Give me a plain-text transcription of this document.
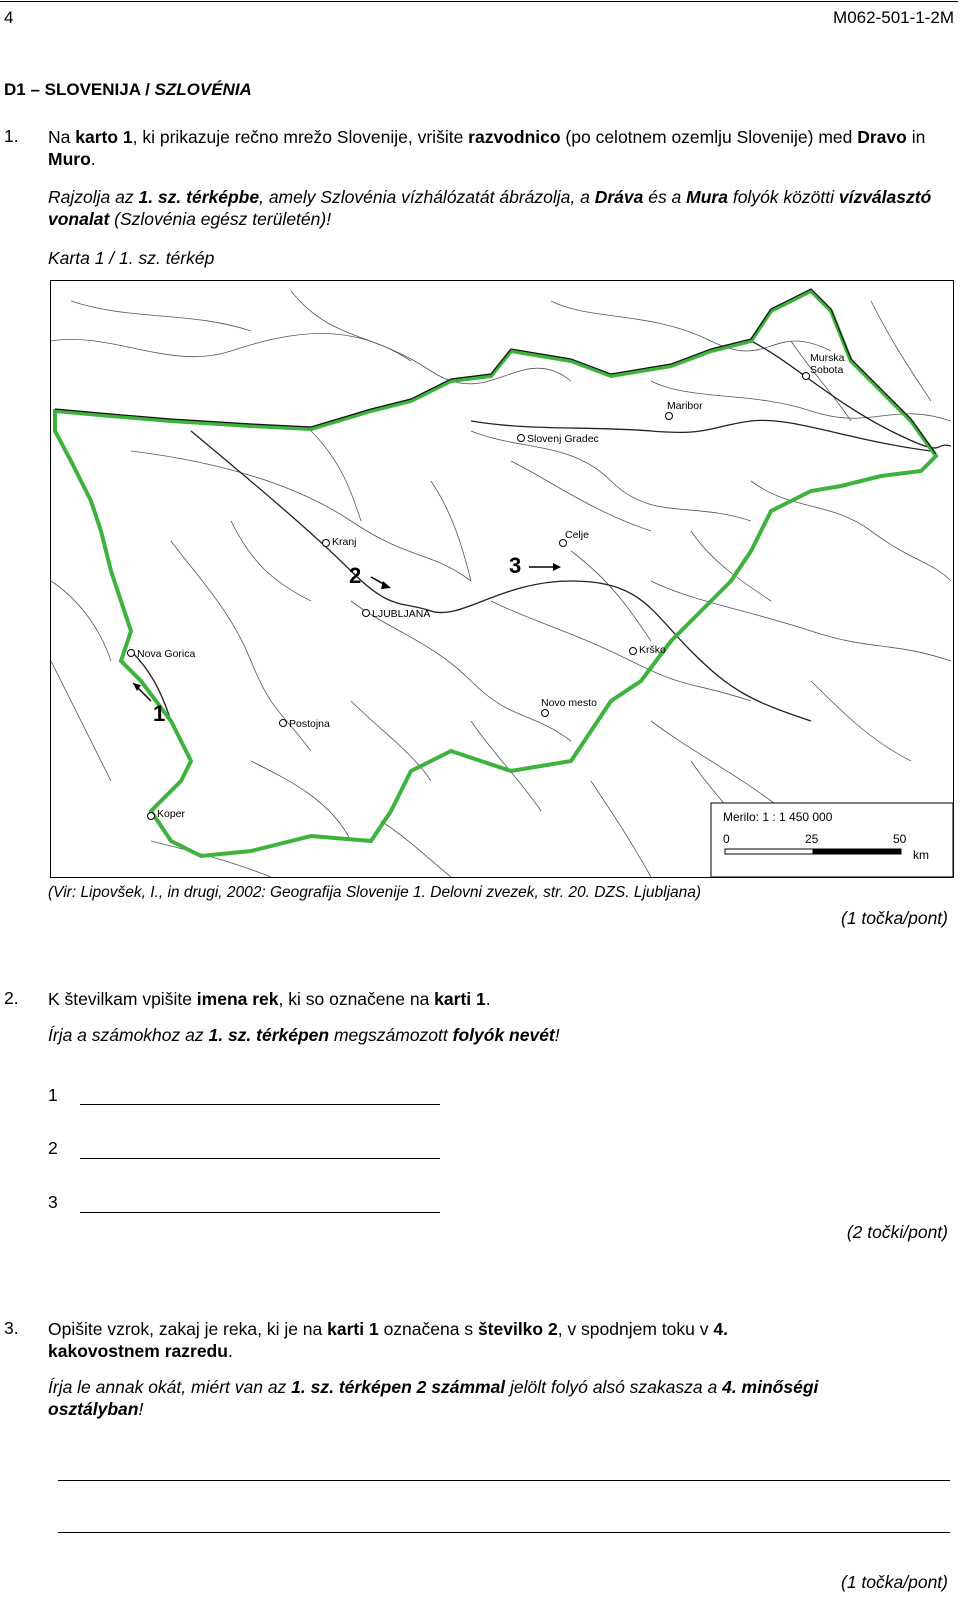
4	M062-501-1-2M
D1 – SLOVENIJA / SZLOVÉNIA
1. Na karto 1, ki prikazuje rečno mrežo Slovenije, vrišite razvodnico (po celotnem ozemlju Slovenije) med Dravo in Muro.
Rajzolja az 1. sz. térképbe, amely Szlovénia vízhálózatát ábrázolja, a Dráva és a Mura folyók közötti vízválasztó vonalat (Szlovénia egész területén)!
Karta 1 / 1. sz. térkép
Murska
Sobota
Maribor
Slovenj Gradec
Kranj
Celje
LJUBLJANA
Nova Gorica	Krško
Novo mesto
Postojna
Koper
1
2	3
Merilo: 1 : 1 450 000
0	25	50
km
(Vir: Lipovšek, I., in drugi, 2002: Geografija Slovenije 1. Delovni zvezek, str. 20. DZS. Ljubljana)
(1 točka/pont)
2. K številkam vpišite imena rek, ki so označene na karti 1.
Írja a számokhoz az 1. sz. térképen megszámozott folyók nevét!
1
2
3
(2 točki/pont)
3. Opišite vzrok, zakaj je reka, ki je na karti 1 označena s številko 2, v spodnjem toku v 4. kakovostnem razredu.
Írja le annak okát, miért van az 1. sz. térképen 2 számmal jelölt folyó alsó szakasza a 4. minőségi osztályban!
(1 točka/pont)
